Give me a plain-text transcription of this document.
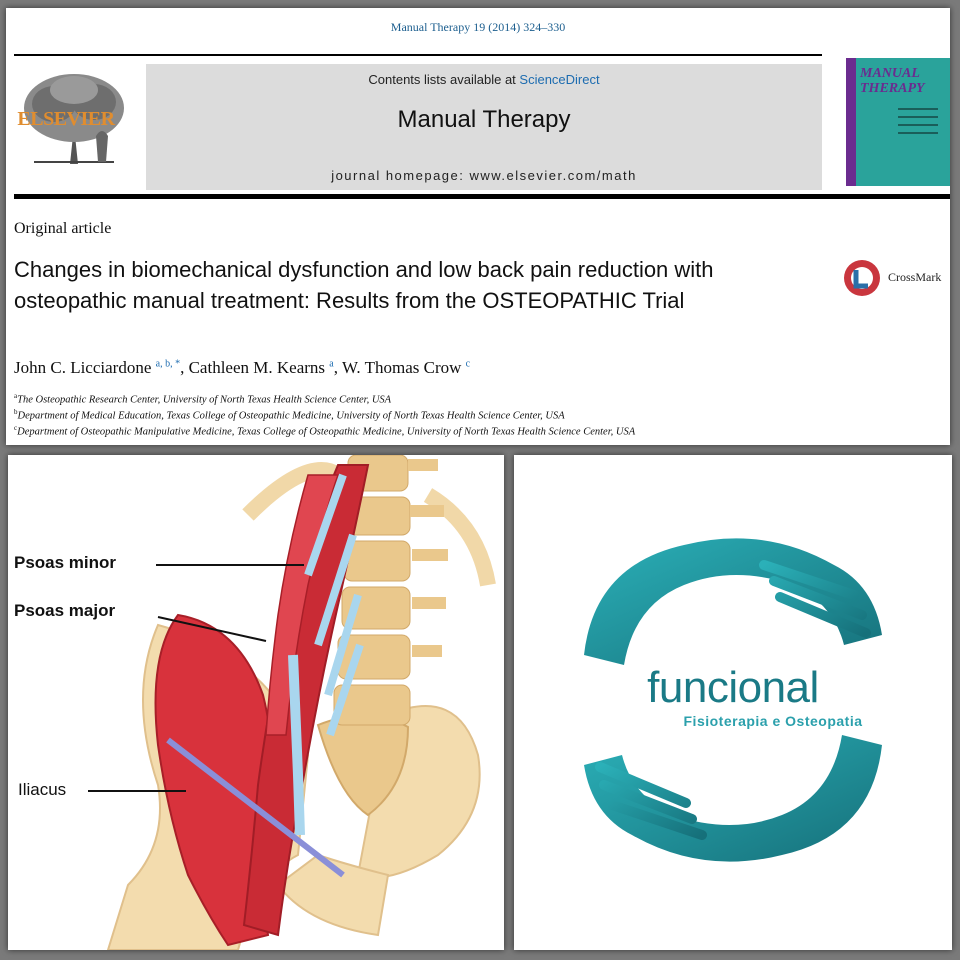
Manual Therapy 19 (2014) 324–330
ELSEVIER
Contents lists available at ScienceDirect
Manual Therapy
journal homepage: www.elsevier.com/math
MANUAL THERAPY
Original article
Changes in biomechanical dysfunction and low back pain reduction with osteopathic manual treatment: Results from the OSTEOPATHIC Trial
CrossMark
John C. Licciardone $^{a, b, *}$, Cathleen M. Kearns $^a$, W. Thomas Crow $^c$
$^a$The Osteopathic Research Center, University of North Texas Health Science Center, USA
$^b$Department of Medical Education, Texas College of Osteopathic Medicine, University of North Texas Health Science Center, USA
$^c$Department of Osteopathic Manipulative Medicine, Texas College of Osteopathic Medicine, University of North Texas Health Science Center, USA
Psoas minor
Psoas major
Iliacus
funcional
Fisioterapia e Osteopatia
